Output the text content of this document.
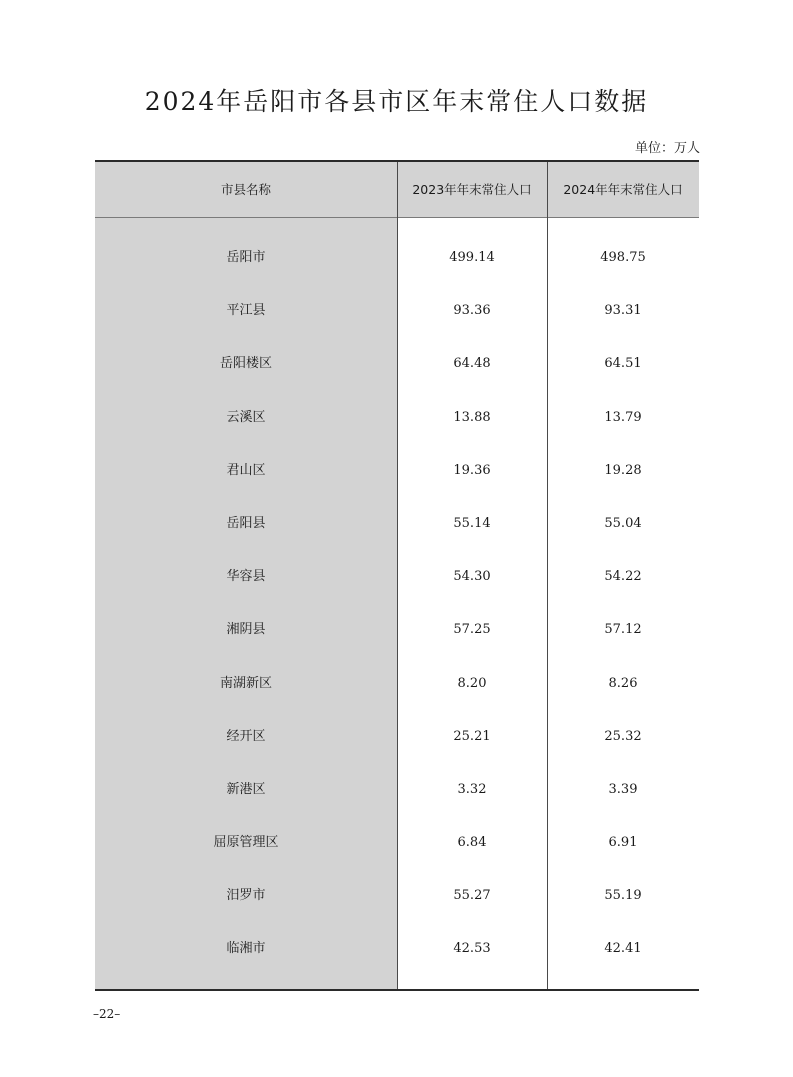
2024年岳阳市各县市区年末常住人口数据
单位：万人
市县名称	2023年年末常住人口	2024年年末常住人口
岳阳市	499.14	498.75
平江县	93.36	93.31
岳阳楼区	64.48	64.51
云溪区	13.88	13.79
君山区	19.36	19.28
岳阳县	55.14	55.04
华容县	54.30	54.22
湘阴县	57.25	57.12
南湖新区	8.20	8.26
经开区	25.21	25.32
新港区	3.32	3.39
屈原管理区	6.84	6.91
汨罗市	55.27	55.19
临湘市	42.53	42.41
–22–
